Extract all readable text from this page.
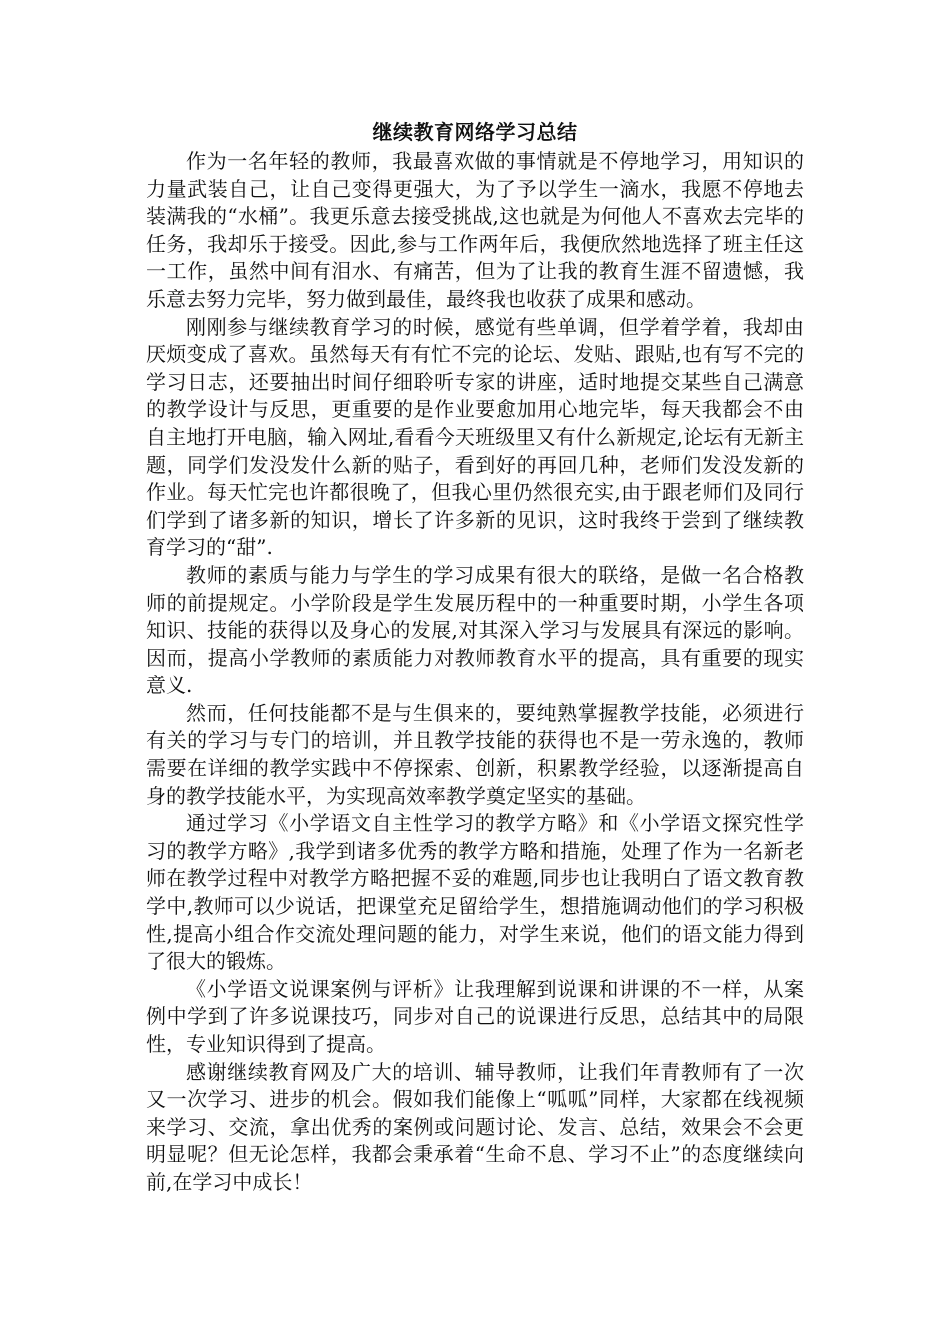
继续教育网络学习总结

作为一名年轻的教师，我最喜欢做的事情就是不停地学习，用知识的力量武装自己，让自己变得更强大，为了予以学生一滴水，我愿不停地去装满我的“水桶”。我更乐意去接受挑战,这也就是为何他人不喜欢去完毕的任务，我却乐于接受。因此,参与工作两年后，我便欣然地选择了班主任这一工作，虽然中间有泪水、有痛苦，但为了让我的教育生涯不留遗憾，我乐意去努力完毕，努力做到最佳，最终我也收获了成果和感动。

刚刚参与继续教育学习的时候，感觉有些单调，但学着学着，我却由厌烦变成了喜欢。虽然每天有有忙不完的论坛、发贴、跟贴,也有写不完的学习日志，还要抽出时间仔细聆听专家的讲座，适时地提交某些自己满意的教学设计与反思，更重要的是作业要愈加用心地完毕，每天我都会不由自主地打开电脑，输入网址,看看今天班级里又有什么新规定,论坛有无新主题，同学们发没发什么新的贴子，看到好的再回几种，老师们发没发新的作业。每天忙完也许都很晚了，但我心里仍然很充实,由于跟老师们及同行们学到了诸多新的知识，增长了许多新的见识，这时我终于尝到了继续教育学习的“甜”.

教师的素质与能力与学生的学习成果有很大的联络，是做一名合格教师的前提规定。小学阶段是学生发展历程中的一种重要时期，小学生各项知识、技能的获得以及身心的发展,对其深入学习与发展具有深远的影响。因而，提高小学教师的素质能力对教师教育水平的提高，具有重要的现实意义.

然而，任何技能都不是与生俱来的，要纯熟掌握教学技能，必须进行有关的学习与专门的培训，并且教学技能的获得也不是一劳永逸的，教师需要在详细的教学实践中不停探索、创新，积累教学经验，以逐渐提高自身的教学技能水平，为实现高效率教学奠定坚实的基础。

通过学习《小学语文自主性学习的教学方略》和《小学语文探究性学习的教学方略》,我学到诸多优秀的教学方略和措施，处理了作为一名新老师在教学过程中对教学方略把握不妥的难题,同步也让我明白了语文教育教学中,教师可以少说话，把课堂充足留给学生，想措施调动他们的学习积极性,提高小组合作交流处理问题的能力，对学生来说，他们的语文能力得到了很大的锻炼。

《小学语文说课案例与评析》让我理解到说课和讲课的不一样，从案例中学到了许多说课技巧，同步对自己的说课进行反思，总结其中的局限性，专业知识得到了提高。

感谢继续教育网及广大的培训、辅导教师，让我们年青教师有了一次又一次学习、进步的机会。假如我们能像上“呱呱”同样，大家都在线视频来学习、交流，拿出优秀的案例或问题讨论、发言、总结，效果会不会更明显呢？但无论怎样，我都会秉承着“生命不息、学习不止”的态度继续向前,在学习中成长！
